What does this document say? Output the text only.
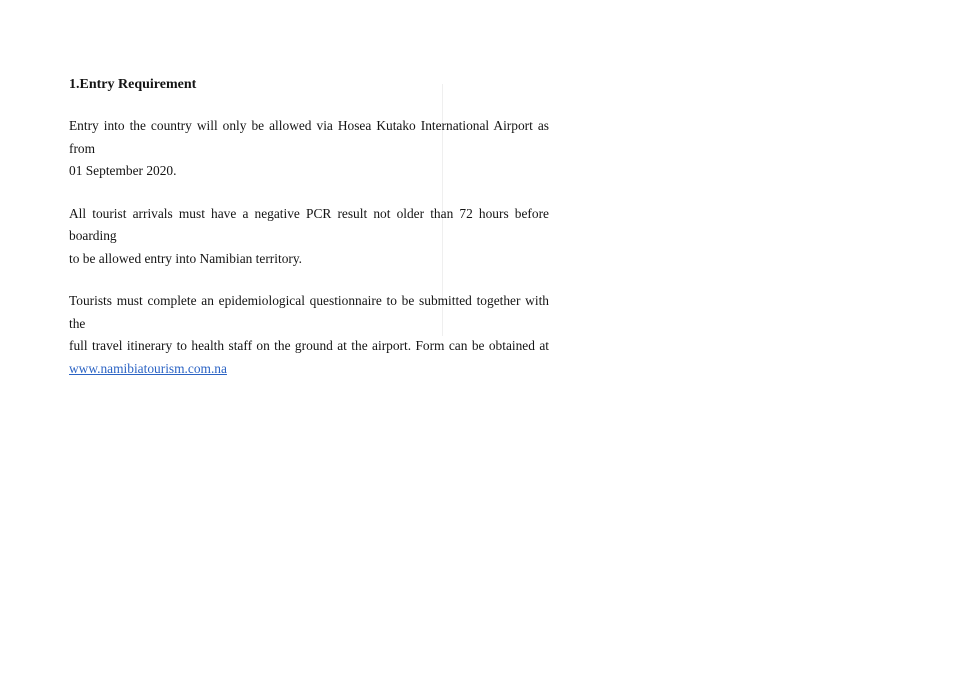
1.Entry Requirement
Entry into the country will only be allowed via Hosea Kutako International Airport as from
01 September 2020.
All tourist arrivals must have a negative PCR result not older than 72 hours before boarding
to be allowed entry into Namibian territory.
Tourists must complete an epidemiological questionnaire to be submitted together with the
full travel itinerary to health staff on the ground at the airport. Form can be obtained at
www.namibiatourism.com.na
